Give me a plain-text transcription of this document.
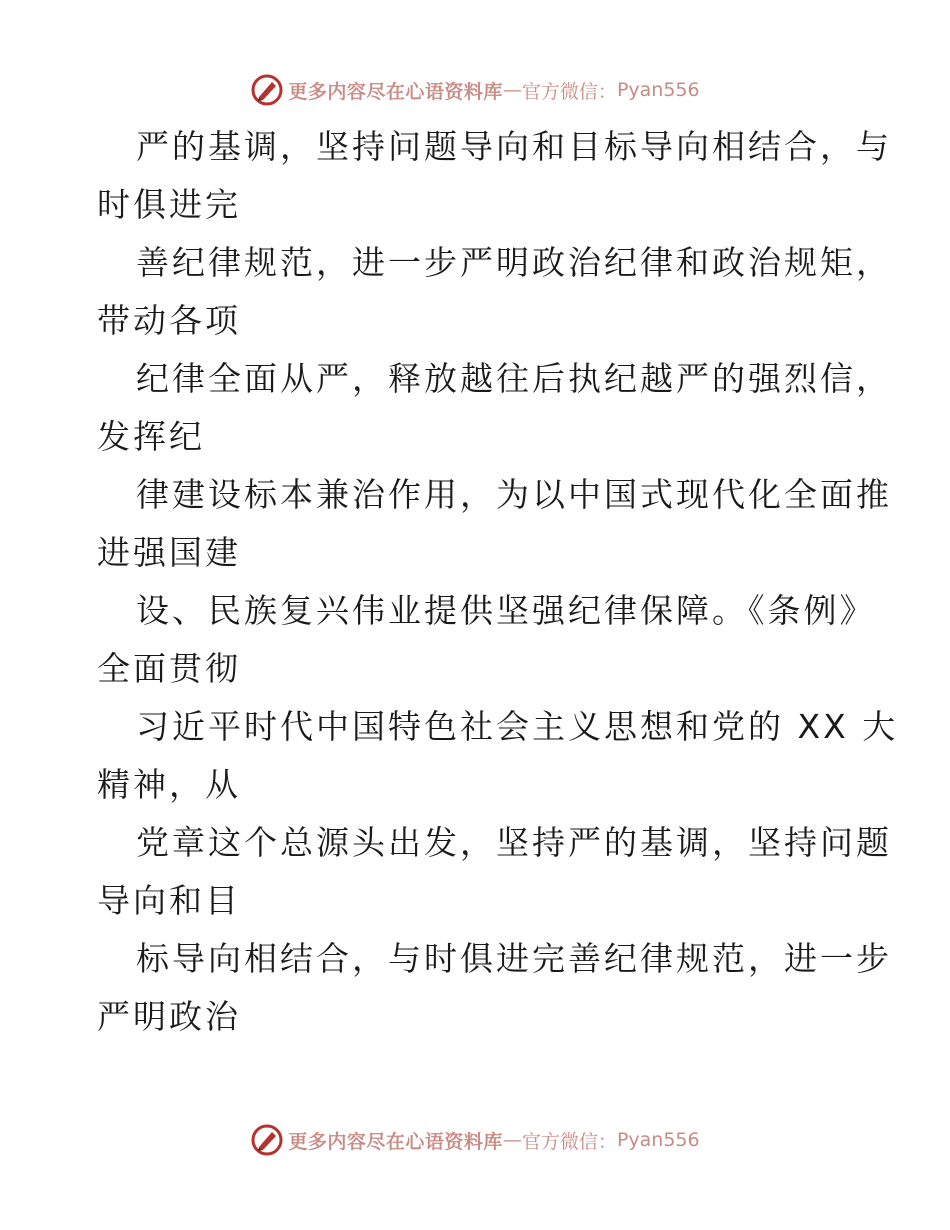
更多内容尽在心语资料库 — 官方微信： Pyan556

严的基调，坚持问题导向和目标导向相结合，与
时俱进完

善纪律规范，进一步严明政治纪律和政治规矩，
带动各项

纪律全面从严，释放越往后执纪越严的强烈信，
发挥纪

律建设标本兼治作用，为以中国式现代化全面推
进强国建

设、民族复兴伟业提供坚强纪律保障。《条例》
全面贯彻

习近平时代中国特色社会主义思想和党的 XX 大
精神，从

党章这个总源头出发，坚持严的基调，坚持问题
导向和目

标导向相结合，与时俱进完善纪律规范，进一步
严明政治

更多内容尽在心语资料库 — 官方微信： Pyan556
